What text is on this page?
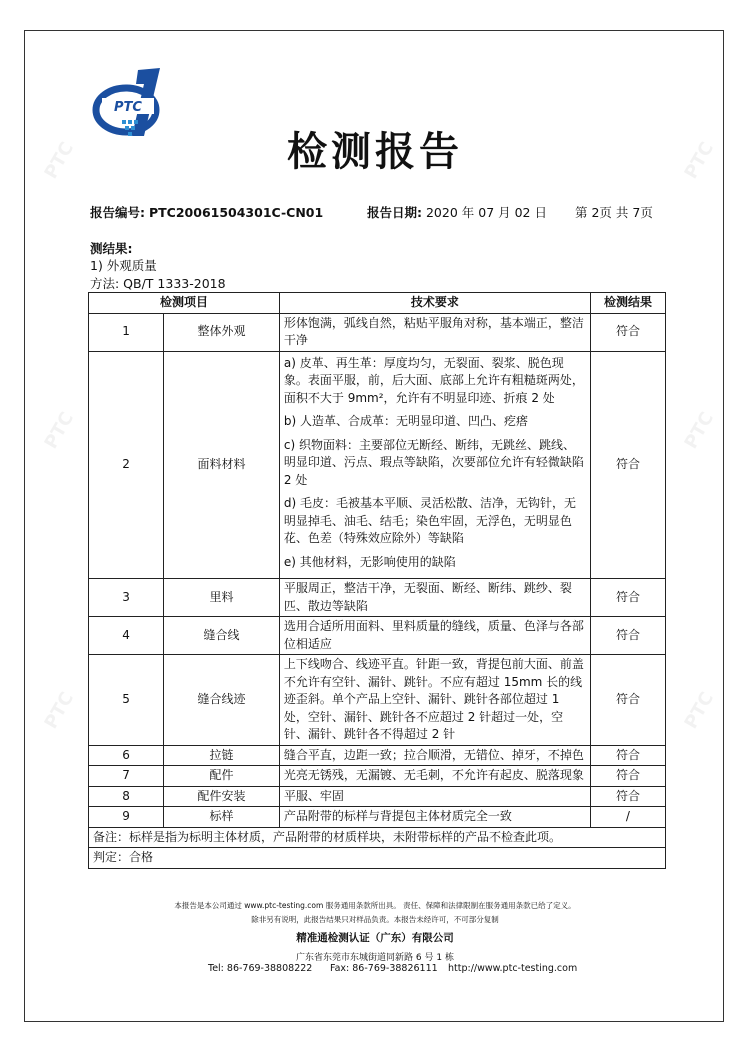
PTC
PTC
PTC
PTC
PTC
PTC
PTC
检测报告
报告编号: PTC20061504301C-CN01	报告日期: 2020 年 07 月 02 日 第 2页 共 7页
测结果:
1) 外观质量
方法: QB/T 1333-2018
检测项目		技术要求	检测结果
1	整体外观	形体饱满，弧线自然，粘贴平服角对称，基本端正，整洁干净	符合
2	面料材料	a) 皮革、再生革：厚度均匀，无裂面、裂浆、脱色现象。表面平服，前，后大面、底部上允许有粗糙斑两处，面积不大于 9mm²，允许有不明显印迹、折痕 2 处
b) 人造革、合成革：无明显印道、凹凸、疙瘩
c) 织物面料：主要部位无断经、断纬，无跳丝、跳线、明显印道、污点、瑕点等缺陷，次要部位允许有轻微缺陷 2 处
d) 毛皮：毛被基本平顺、灵活松散、洁净，无钩针，无明显掉毛、油毛、结毛；染色牢固，无浮色，无明显色花、色差（特殊效应除外）等缺陷
e) 其他材料，无影响使用的缺陷	符合
3	里料	平服周正，整洁干净，无裂面、断经、断纬、跳纱、裂匹、散边等缺陷	符合
4	缝合线	选用合适所用面料、里料质量的缝线，质量、色泽与各部位相适应	符合
5	缝合线迹	上下线吻合、线迹平直。针距一致，背提包前大面、前盖不允许有空针、漏针、跳针。不应有超过 15mm 长的线迹歪斜。单个产品上空针、漏针、跳针各部位超过 1 处，空针、漏针、跳针各不应超过 2 针超过一处，空针、漏针、跳针各不得超过 2 针	符合
6	拉链	缝合平直，边距一致；拉合顺滑，无错位、掉牙，不掉色	符合
7	配件	光亮无锈残，无漏镀、无毛刺，不允许有起皮、脱落现象	符合
8	配件安装	平服、牢固	符合
9	标样	产品附带的标样与背提包主体材质完全一致	/
备注：标样是指为标明主体材质，产品附带的材质样块，未附带标样的产品不检查此项。			
判定：合格			
本报告是本公司通过 www.ptc-testing.com 服务通用条款所出具。 责任、保障和法律限制在服务通用条款已给了定义。
除非另有说明，此报告结果只对样品负责。本报告未经许可，不可部分复制
精准通检测认证（广东）有限公司
广东省东莞市东城街道同新路 6 号 1 栋
Tel: 86-769-38808222 Fax: 86-769-38826111 http://www.ptc-testing.com
